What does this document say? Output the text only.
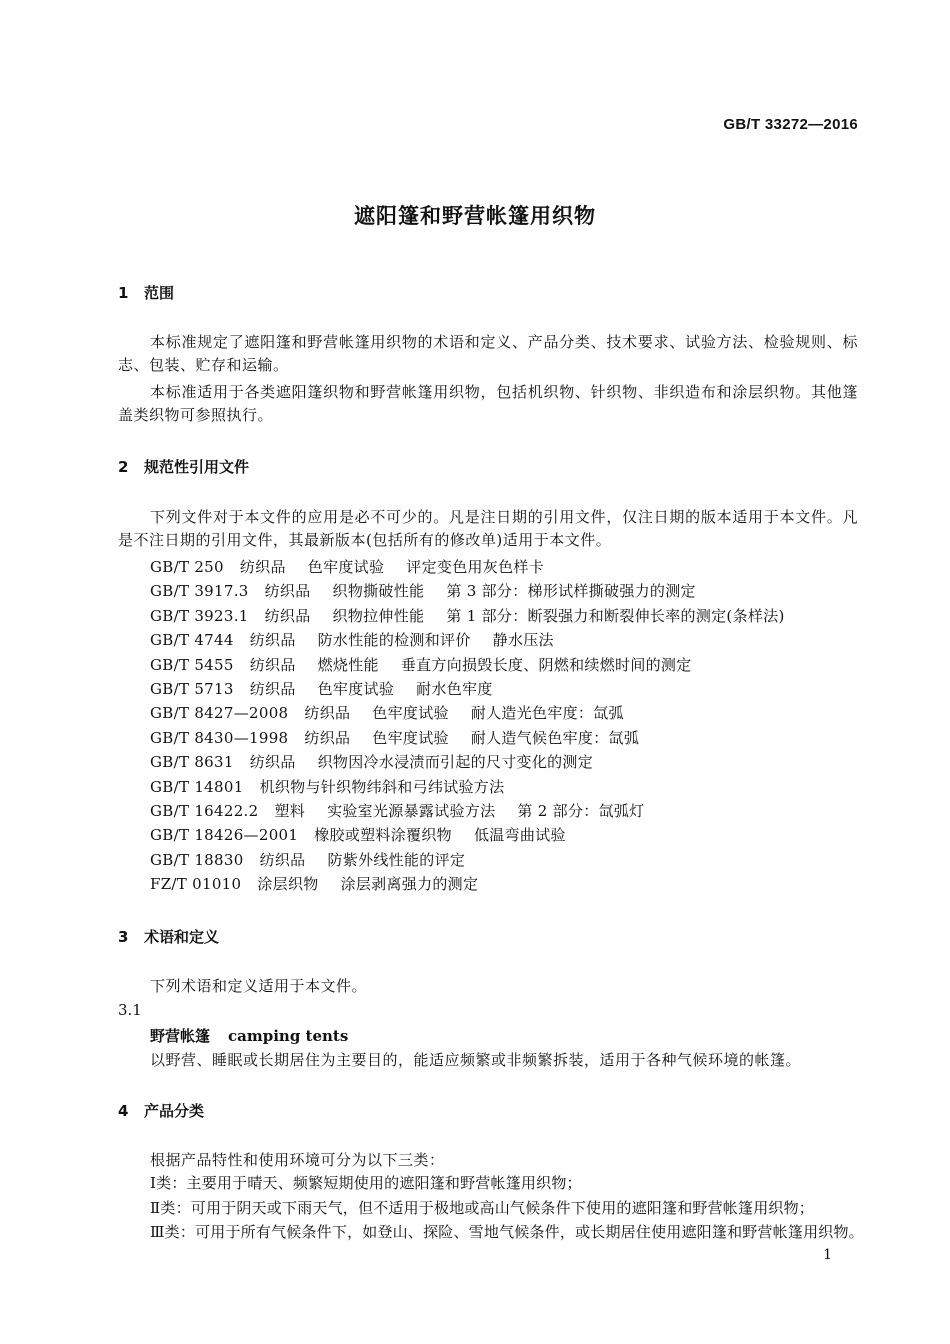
GB/T 33272—2016
遮阳篷和野营帐篷用织物
1 范围
本标准规定了遮阳篷和野营帐篷用织物的术语和定义、产品分类、技术要求、试验方法、检验规则、标志、包装、贮存和运输。
本标准适用于各类遮阳篷织物和野营帐篷用织物，包括机织物、针织物、非织造布和涂层织物。其他篷盖类织物可参照执行。
2 规范性引用文件
下列文件对于本文件的应用是必不可少的。凡是注日期的引用文件，仅注日期的版本适用于本文件。凡是不注日期的引用文件，其最新版本(包括所有的修改单)适用于本文件。
GB/T 250 纺织品 色牢度试验 评定变色用灰色样卡
GB/T 3917.3 纺织品 织物撕破性能 第 3 部分：梯形试样撕破强力的测定
GB/T 3923.1 纺织品 织物拉伸性能 第 1 部分：断裂强力和断裂伸长率的测定(条样法)
GB/T 4744 纺织品 防水性能的检测和评价 静水压法
GB/T 5455 纺织品 燃烧性能 垂直方向损毁长度、阴燃和续燃时间的测定
GB/T 5713 纺织品 色牢度试验 耐水色牢度
GB/T 8427—2008 纺织品 色牢度试验 耐人造光色牢度：氙弧
GB/T 8430—1998 纺织品 色牢度试验 耐人造气候色牢度：氙弧
GB/T 8631 纺织品 织物因冷水浸渍而引起的尺寸变化的测定
GB/T 14801 机织物与针织物纬斜和弓纬试验方法
GB/T 16422.2 塑料 实验室光源暴露试验方法 第 2 部分：氙弧灯
GB/T 18426—2001 橡胶或塑料涂覆织物 低温弯曲试验
GB/T 18830 纺织品 防紫外线性能的评定
FZ/T 01010 涂层织物 涂层剥离强力的测定
3 术语和定义
下列术语和定义适用于本文件。
3.1
野营帐篷 camping tents
以野营、睡眠或长期居住为主要目的，能适应频繁或非频繁拆装，适用于各种气候环境的帐篷。
4 产品分类
根据产品特性和使用环境可分为以下三类：
Ⅰ类：主要用于晴天、频繁短期使用的遮阳篷和野营帐篷用织物；
Ⅱ类：可用于阴天或下雨天气，但不适用于极地或高山气候条件下使用的遮阳篷和野营帐篷用织物；
Ⅲ类：可用于所有气候条件下，如登山、探险、雪地气候条件，或长期居住使用遮阳篷和野营帐篷用织物。
1
